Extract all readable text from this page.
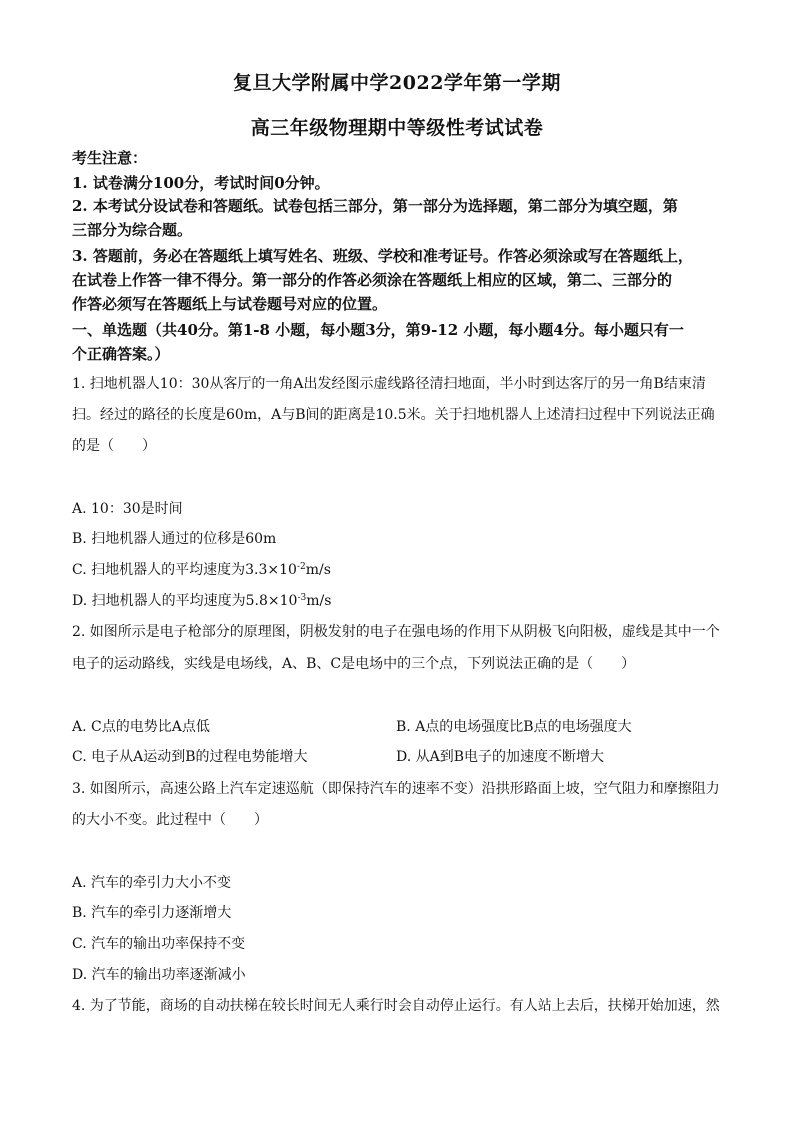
复旦大学附属中学2022学年第一学期
高三年级物理期中等级性考试试卷
考生注意：
1. 试卷满分100分，考试时间0分钟。
2. 本考试分设试卷和答题纸。试卷包括三部分，第一部分为选择题，第二部分为填空题，第
三部分为综合题。
3. 答题前，务必在答题纸上填写姓名、班级、学校和准考证号。作答必须涂或写在答题纸上，
在试卷上作答一律不得分。第一部分的作答必须涂在答题纸上相应的区域，第二、三部分的
作答必须写在答题纸上与试卷题号对应的位置。
一、单选题（共40分。第1-8 小题，每小题3分，第9-12 小题，每小题4分。每小题只有一
个正确答案。）
1. 扫地机器人10：30从客厅的一角A出发经图示虚线路径清扫地面，半小时到达客厅的另一角B结束清
扫。经过的路径的长度是60m，A与B间的距离是10.5米。关于扫地机器人上述清扫过程中下列说法正确
的是（　　）
A. 10：30是时间
B. 扫地机器人通过的位移是60m
C. 扫地机器人的平均速度为$3.3\times 10^{-2}m/s$
D. 扫地机器人的平均速度为$5.8\times 10^{-3}m/s$
2. 如图所示是电子枪部分的原理图，阴极发射的电子在强电场的作用下从阴极飞向阳极，虚线是其中一个
电子的运动路线，实线是电场线，A、B、C是电场中的三个点，下列说法正确的是（　　）
A. C点的电势比A点低	B. A点的电场强度比B点的电场强度大
C. 电子从A运动到B的过程电势能增大	D. 从A到B电子的加速度不断增大
3. 如图所示，高速公路上汽车定速巡航（即保持汽车的速率不变）沿拱形路面上坡，空气阻力和摩擦阻力
的大小不变。此过程中（　　）
A. 汽车的牵引力大小不变
B. 汽车的牵引力逐渐增大
C. 汽车的输出功率保持不变
D. 汽车的输出功率逐渐减小
4. 为了节能，商场的自动扶梯在较长时间无人乘行时会自动停止运行。有人站上去后，扶梯开始加速，然
